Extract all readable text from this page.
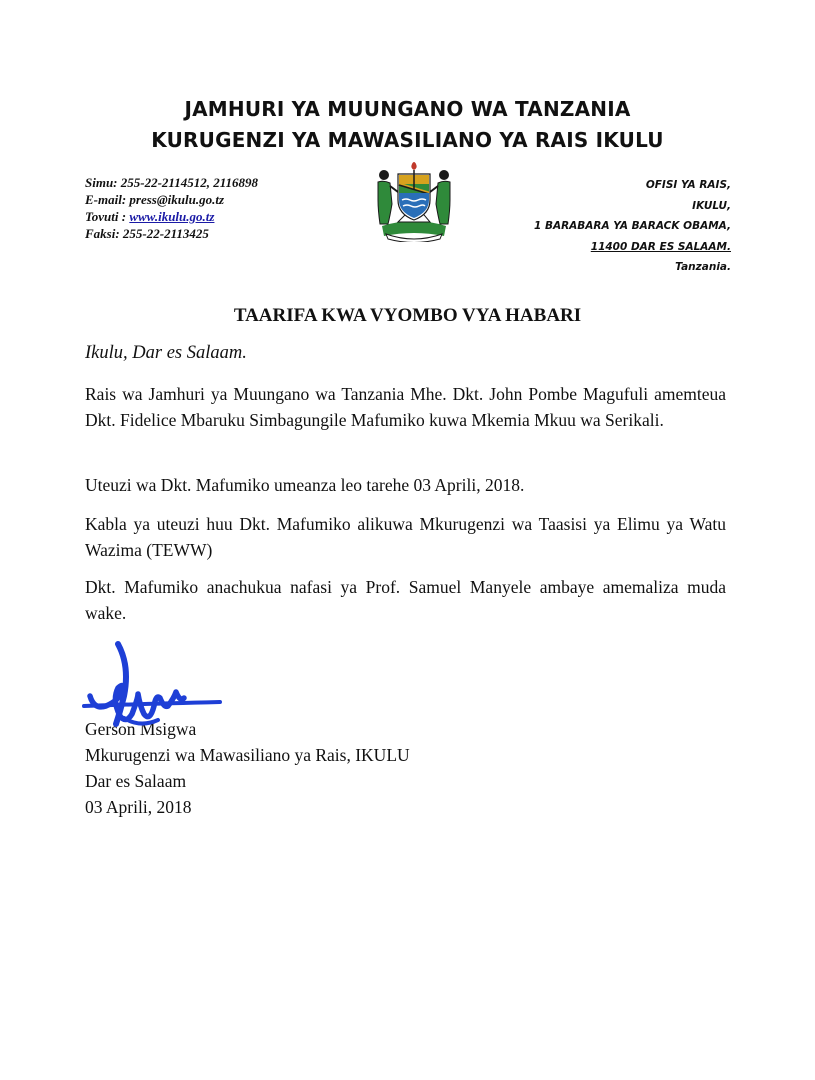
JAMHURI YA MUUNGANO WA TANZANIA
KURUGENZI YA MAWASILIANO YA RAIS IKULU
Simu: 255-22-2114512, 2116898
E-mail: press@ikulu.go.tz
Tovuti : www.ikulu.go.tz
Faksi: 255-22-2113425
OFISI YA RAIS,
IKULU,
1 BARABARA YA BARACK OBAMA,
11400 DAR ES SALAAM.
Tanzania.
TAARIFA KWA VYOMBO VYA HABARI
Ikulu, Dar es Salaam.

Rais wa Jamhuri ya Muungano wa Tanzania Mhe. Dkt. John Pombe Magufuli amemteua Dkt. Fidelice Mbaruku Simbagungile Mafumiko kuwa Mkemia Mkuu wa Serikali.

Uteuzi wa Dkt. Mafumiko umeanza leo tarehe 03 Aprili, 2018.

Kabla ya uteuzi huu Dkt. Mafumiko alikuwa Mkurugenzi wa Taasisi ya Elimu ya Watu Wazima (TEWW)

Dkt. Mafumiko anachukua nafasi ya Prof. Samuel Manyele ambaye amemaliza muda wake.

Gerson Msigwa
Mkurugenzi wa Mawasiliano ya Rais, IKULU
Dar es Salaam
03 Aprili, 2018
